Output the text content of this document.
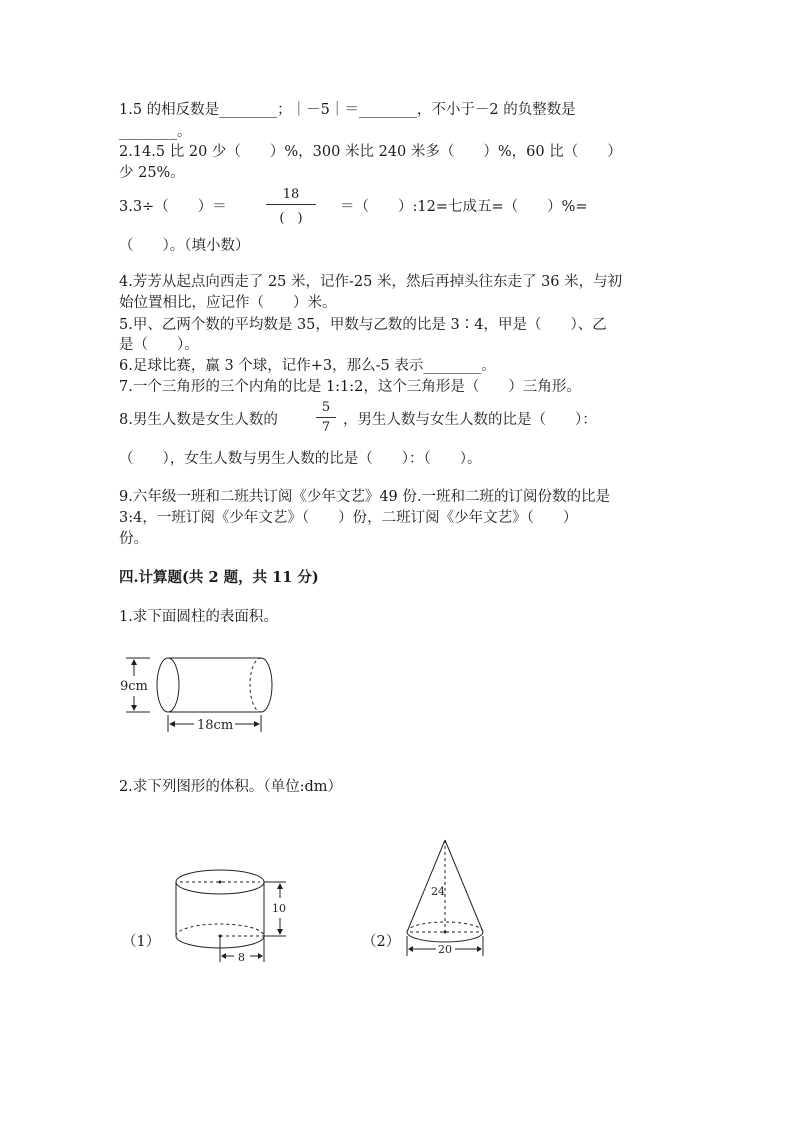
1.5 的相反数是________；｜－5｜＝________，不小于－2 的负整数是
________。
2.14.5 比 20 少（　　）%，300 米比 240 米多（　　）%，60 比（　　）
少 25%。
3.3÷（　　）＝
18
(　)
＝（　　）:12=七成五=（　　）%=
（　　）。（填小数）
4.芳芳从起点向西走了 25 米，记作-25 米，然后再掉头往东走了 36 米，与初
始位置相比，应记作（　　）米。
5.甲、乙两个数的平均数是 35，甲数与乙数的比是 3∶4，甲是（　　）、乙
是（　　）。
6.足球比赛，赢 3 个球，记作+3，那么-5 表示________。
7.一个三角形的三个内角的比是 1:1:2，这个三角形是（　　）三角形。
8.男生人数是女生人数的
5
7 ，男生人数与女生人数的比是（　　）：
（　　），女生人数与男生人数的比是（　　）：（　　）。
9.六年级一班和二班共订阅《少年文艺》49 份.一班和二班的订阅份数的比是
3:4，一班订阅《少年文艺》（　　）份，二班订阅《少年文艺》（　　）
份。
四.计算题(共 2 题，共 11 分)
1.求下面圆柱的表面积。
9cm
18cm
2.求下列图形的体积。（单位:dm）
（1）
10
8
（2）
24
20
